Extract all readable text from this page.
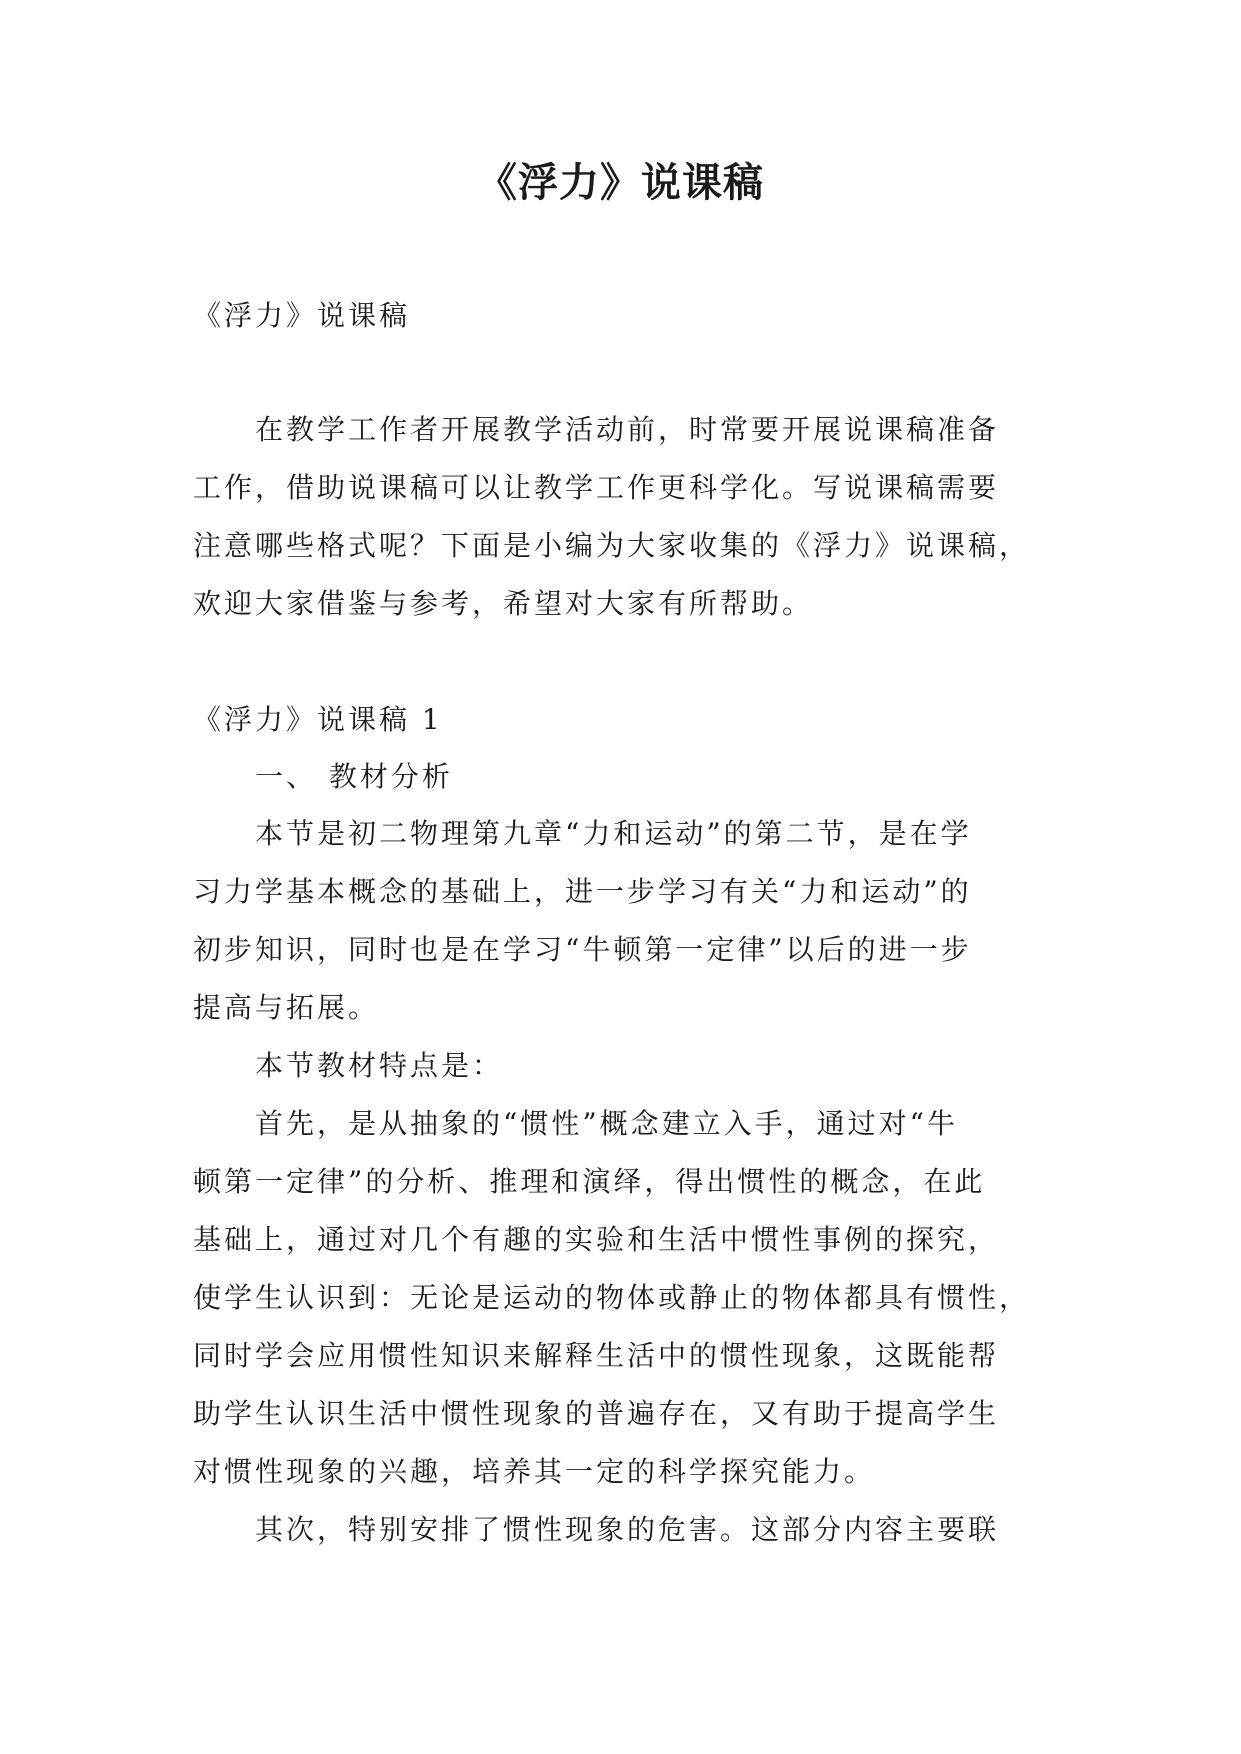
《浮力》说课稿

《浮力》说课稿

在教学工作者开展教学活动前，时常要开展说课稿准备

工作，借助说课稿可以让教学工作更科学化。写说课稿需要

注意哪些格式呢？下面是小编为大家收集的《浮力》说课稿，

欢迎大家借鉴与参考，希望对大家有所帮助。

《浮力》说课稿 1

一、 教材分析

本节是初二物理第九章“力和运动”的第二节，是在学

习力学基本概念的基础上，进一步学习有关“力和运动”的

初步知识，同时也是在学习“牛顿第一定律”以后的进一步

提高与拓展。

本节教材特点是：

首先，是从抽象的“惯性”概念建立入手，通过对“牛

顿第一定律”的分析、推理和演绎，得出惯性的概念，在此

基础上，通过对几个有趣的实验和生活中惯性事例的探究，

使学生认识到：无论是运动的物体或静止的物体都具有惯性，

同时学会应用惯性知识来解释生活中的惯性现象，这既能帮

助学生认识生活中惯性现象的普遍存在，又有助于提高学生

对惯性现象的兴趣，培养其一定的科学探究能力。

其次，特别安排了惯性现象的危害。这部分内容主要联
